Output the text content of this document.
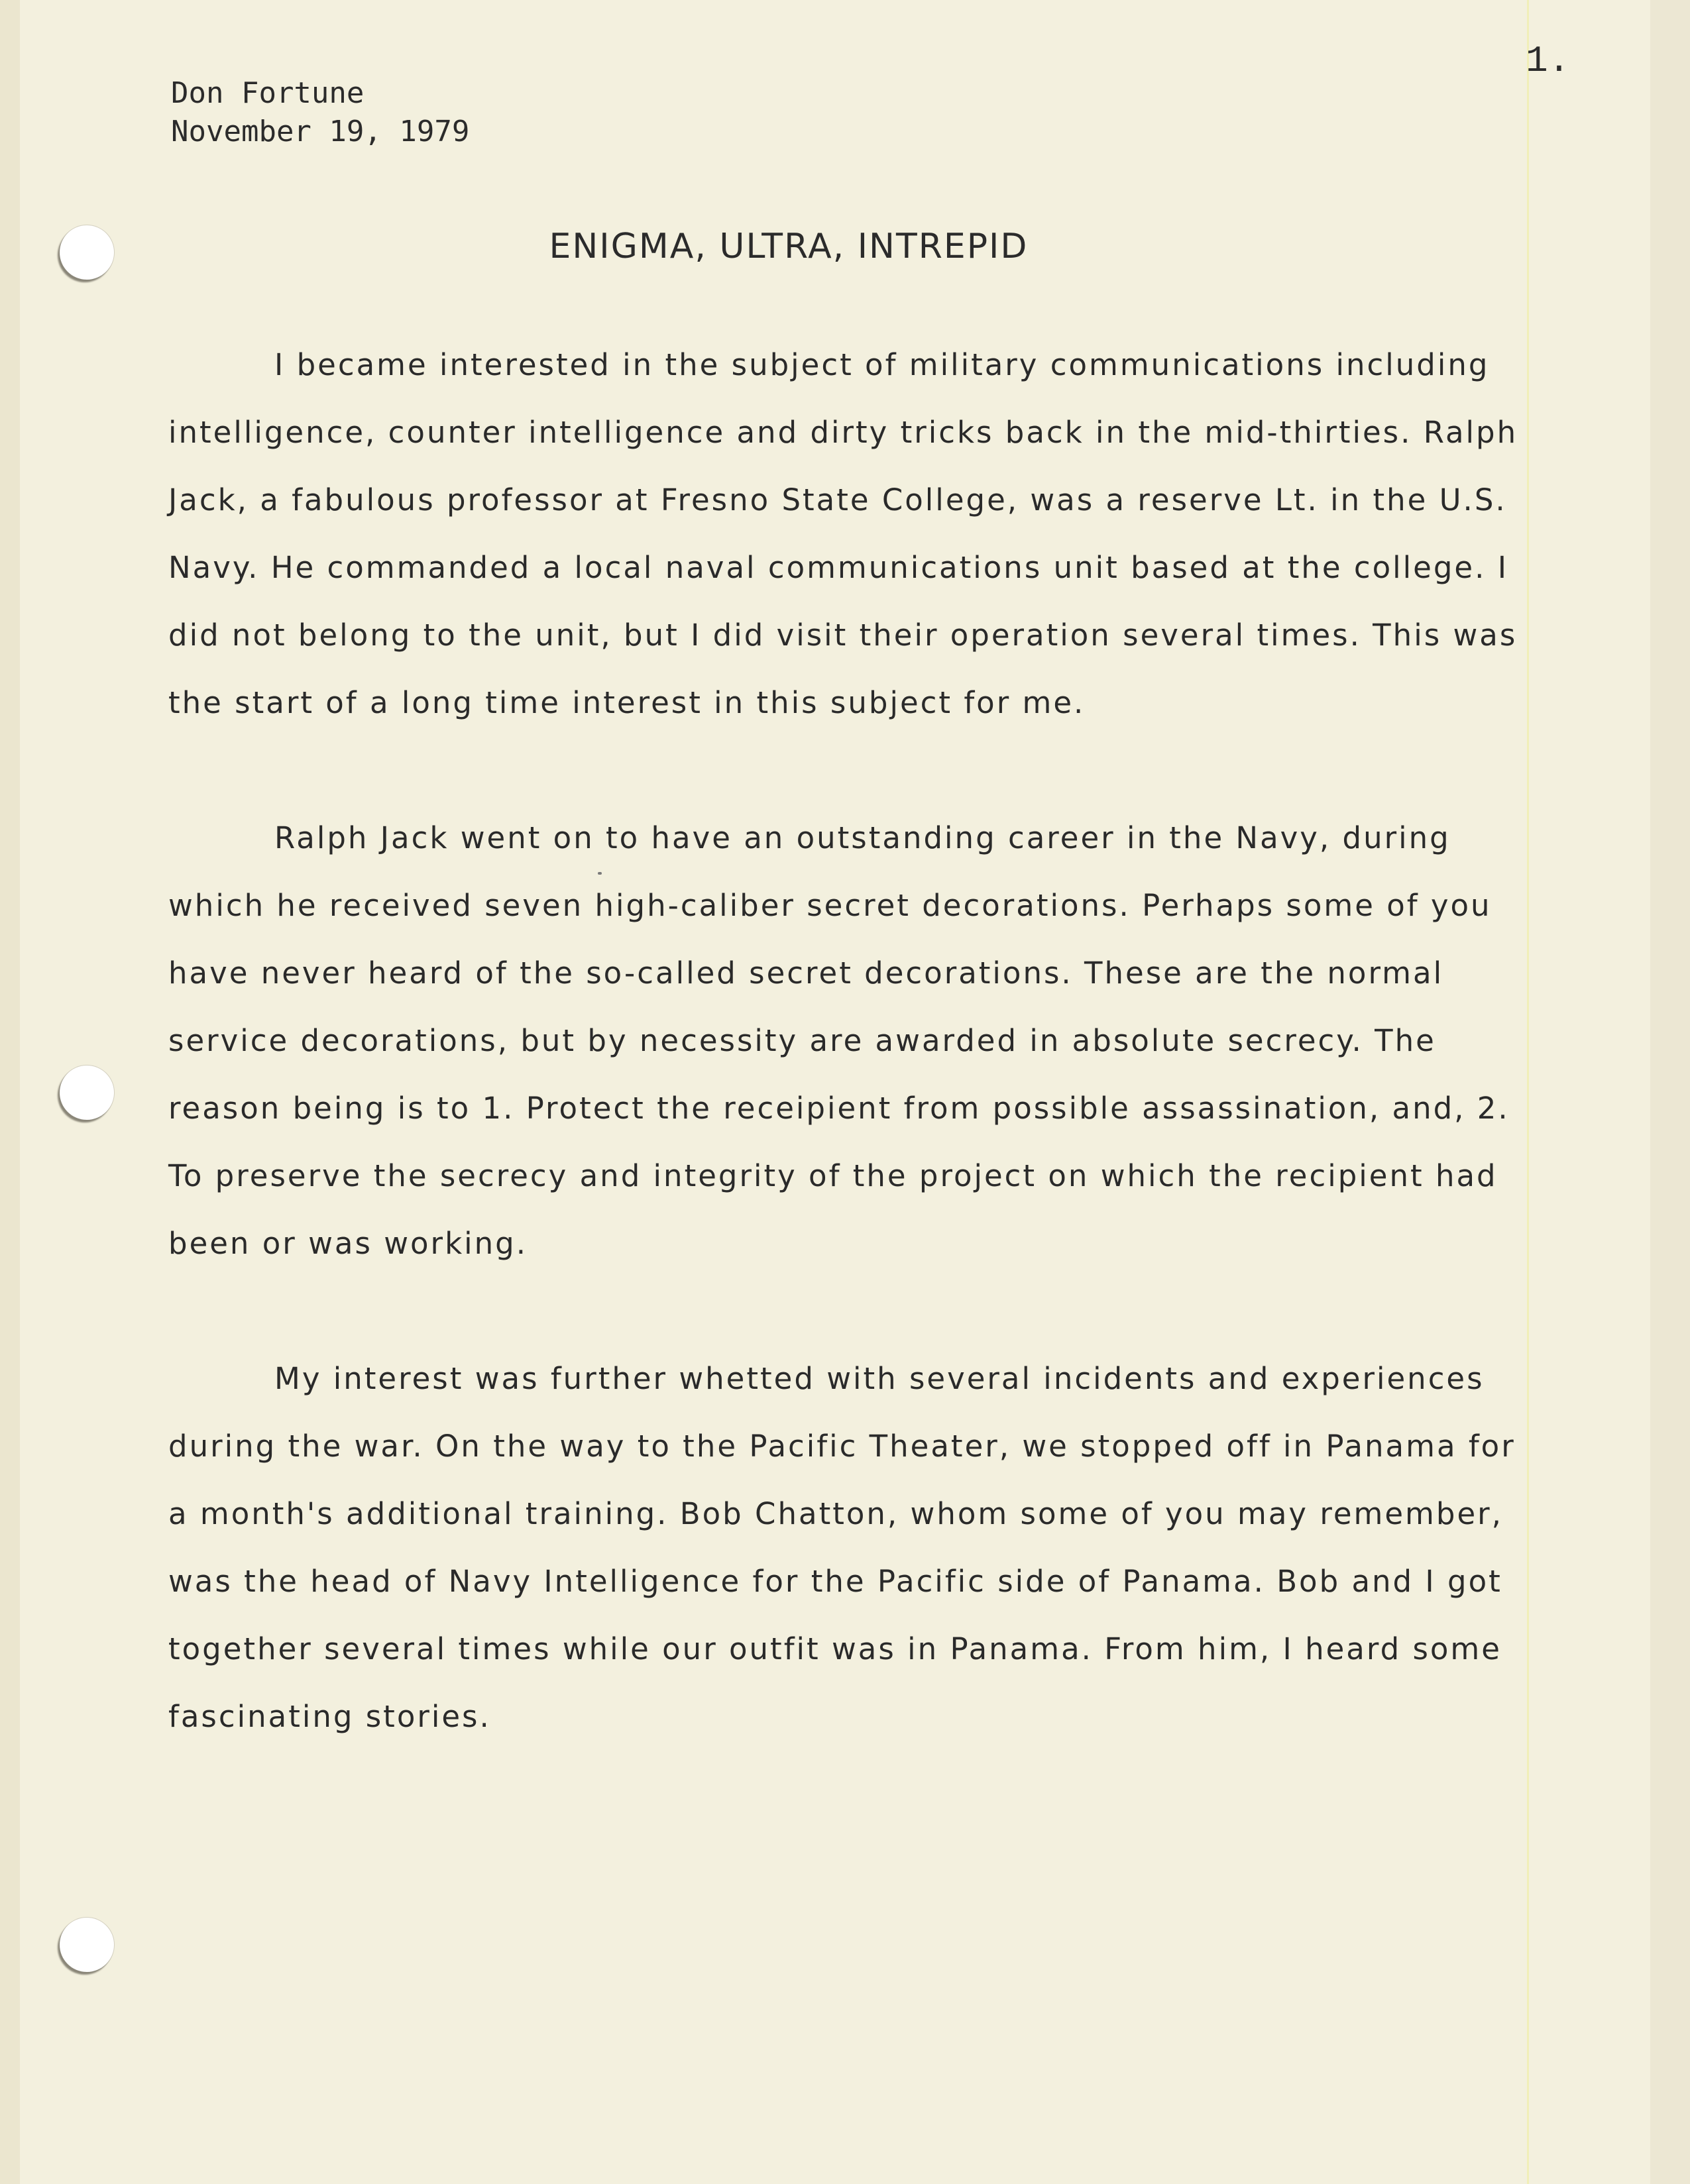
Don Fortune
November 19, 1979
1.
ENIGMA, ULTRA, INTREPID

I became interested in the subject of military communications including intelligence, counter intelligence and dirty tricks back in the mid-thirties. Ralph Jack, a fabulous professor at Fresno State College, was a reserve Lt. in the U.S. Navy. He commanded a local naval communications unit based at the college. I did not belong to the unit, but I did visit their operation several times. This was the start of a long time interest in this subject for me.

Ralph Jack went on to have an outstanding career in the Navy, during which he received seven high-caliber secret decorations. Perhaps some of you have never heard of the so-called secret decorations. These are the normal service decorations, but by necessity are awarded in absolute secrecy. The reason being is to 1. Protect the receipient from possible assassination, and, 2. To preserve the secrecy and integrity of the project on which the recipient had been or was working.

My interest was further whetted with several incidents and experiences during the war. On the way to the Pacific Theater, we stopped off in Panama for a month's additional training. Bob Chatton, whom some of you may remember, was the head of Navy Intelligence for the Pacific side of Panama. Bob and I got together several times while our outfit was in Panama. From him, I heard some fascinating stories.
